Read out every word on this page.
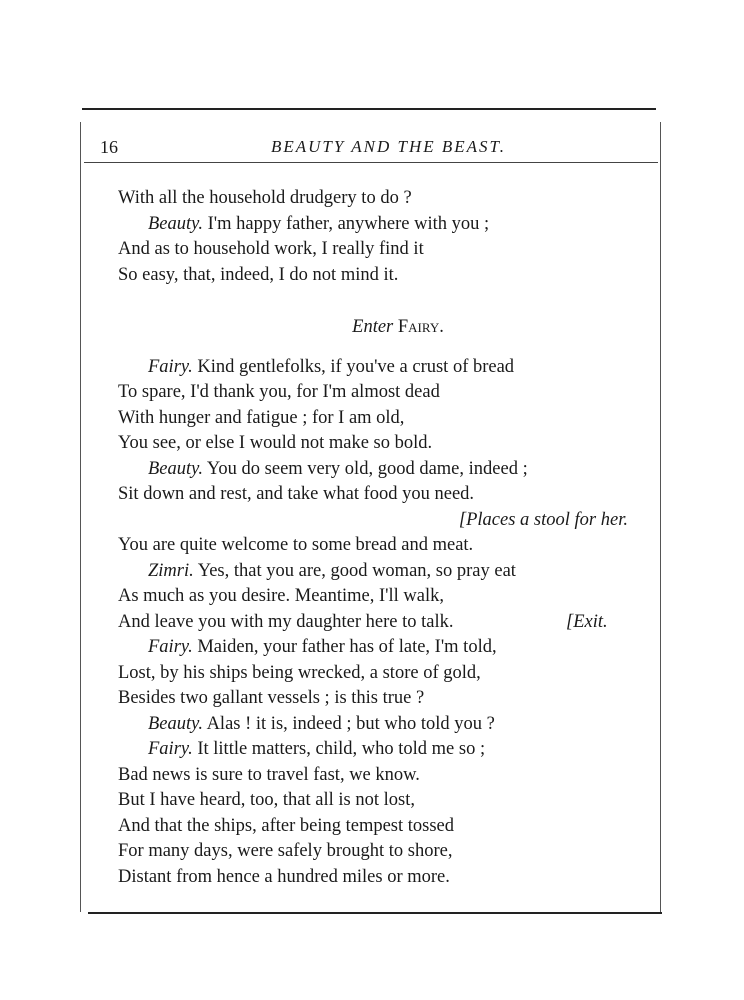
16	BEAUTY AND THE BEAST.
With all the household drudgery to do ?
Beauty. I'm happy father, anywhere with you ;
And as to household work, I really find it
So easy, that, indeed, I do not mind it.
Enter Fairy.
Fairy. Kind gentlefolks, if you've a crust of bread
To spare, I'd thank you, for I'm almost dead
With hunger and fatigue ; for I am old,
You see, or else I would not make so bold.
Beauty. You do seem very old, good dame, indeed ;
Sit down and rest, and take what food you need.
[Places a stool for her.
You are quite welcome to some bread and meat.
Zimri. Yes, that you are, good woman, so pray eat
As much as you desire. Meantime, I'll walk,
And leave you with my daughter here to talk.	[Exit.
Fairy. Maiden, your father has of late, I'm told,
Lost, by his ships being wrecked, a store of gold,
Besides two gallant vessels ; is this true ?
Beauty. Alas ! it is, indeed ; but who told you ?
Fairy. It little matters, child, who told me so ;
Bad news is sure to travel fast, we know.
But I have heard, too, that all is not lost,
And that the ships, after being tempest tossed
For many days, were safely brought to shore,
Distant from hence a hundred miles or more.
